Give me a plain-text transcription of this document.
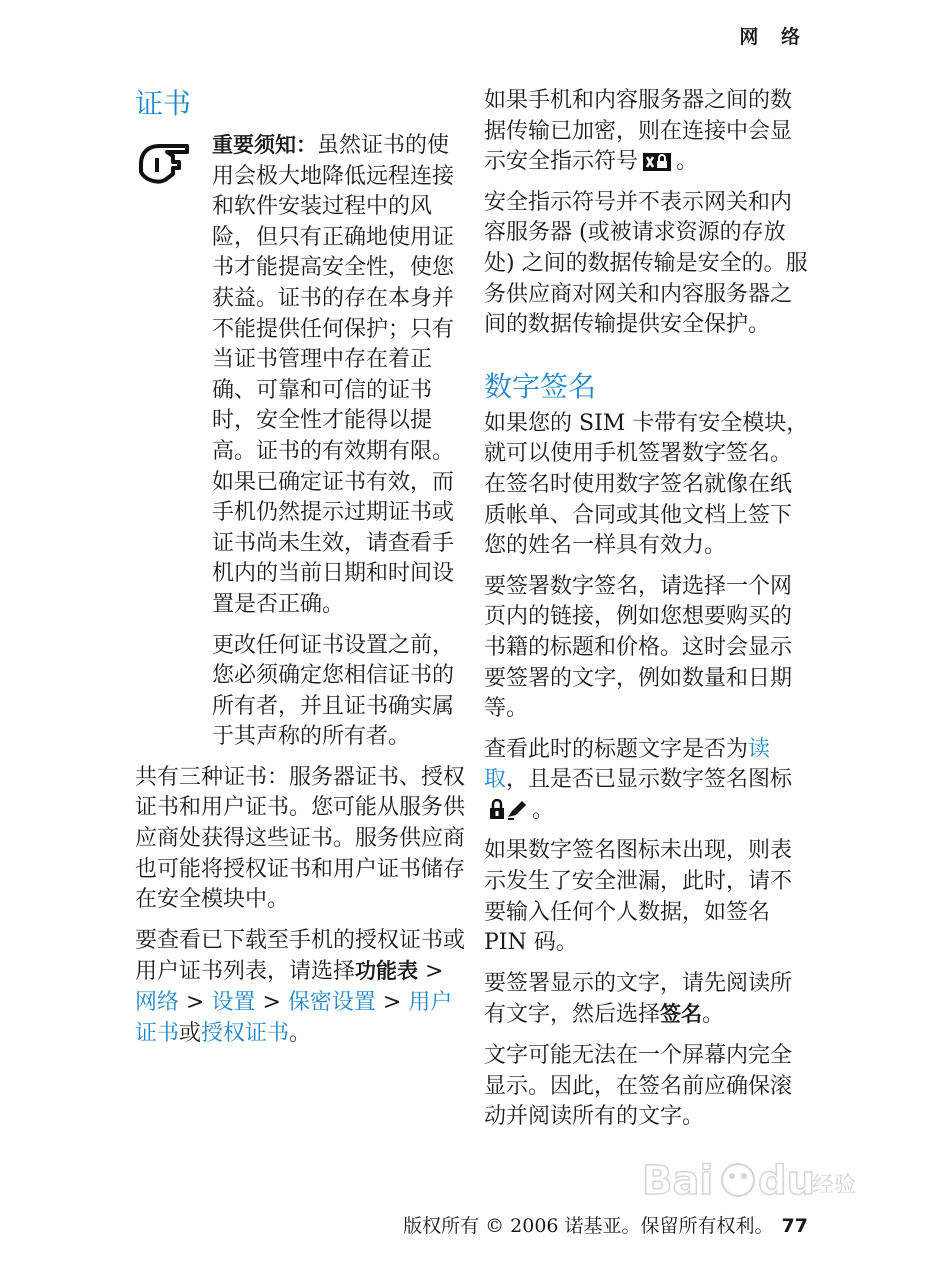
网 络
证书

重要须知：虽然证书的使用会极大地降低远程连接和软件安装过程中的风险，但只有正确地使用证书才能提高安全性，使您获益。证书的存在本身并不能提供任何保护；只有当证书管理中存在着正确、可靠和可信的证书时，安全性才能得以提高。证书的有效期有限。如果已确定证书有效，而手机仍然提示过期证书或证书尚未生效，请查看手机内的当前日期和时间设置是否正确。

更改任何证书设置之前，您必须确定您相信证书的所有者，并且证书确实属于其声称的所有者。

共有三种证书：服务器证书、授权证书和用户证书。您可能从服务供应商处获得这些证书。服务供应商也可能将授权证书和用户证书储存在安全模块中。

要查看已下载至手机的授权证书或用户证书列表，请选择功能表 > 网络 > 设置 > 保密设置 > 用户证书或授权证书。

如果手机和内容服务器之间的数据传输已加密，则在连接中会显示安全指示符号 。

安全指示符号并不表示网关和内容服务器 (或被请求资源的存放处) 之间的数据传输是安全的。服务供应商对网关和内容服务器之间的数据传输提供安全保护。

数字签名

如果您的 SIM 卡带有安全模块，就可以使用手机签署数字签名。在签名时使用数字签名就像在纸质帐单、合同或其他文档上签下您的姓名一样具有效力。

要签署数字签名，请选择一个网页内的链接，例如您想要购买的书籍的标题和价格。这时会显示要签署的文字，例如数量和日期等。

查看此时的标题文字是否为读取，且是否已显示数字签名图标。

如果数字签名图标未出现，则表示发生了安全泄漏，此时，请不要输入任何个人数据，如签名 PIN 码。

要签署显示的文字，请先阅读所有文字，然后选择签名。

文字可能无法在一个屏幕内完全显示。因此，在签名前应确保滚动并阅读所有的文字。

Bai du
经验
版权所有 © 2006 诺基亚。保留所有权利。 77
